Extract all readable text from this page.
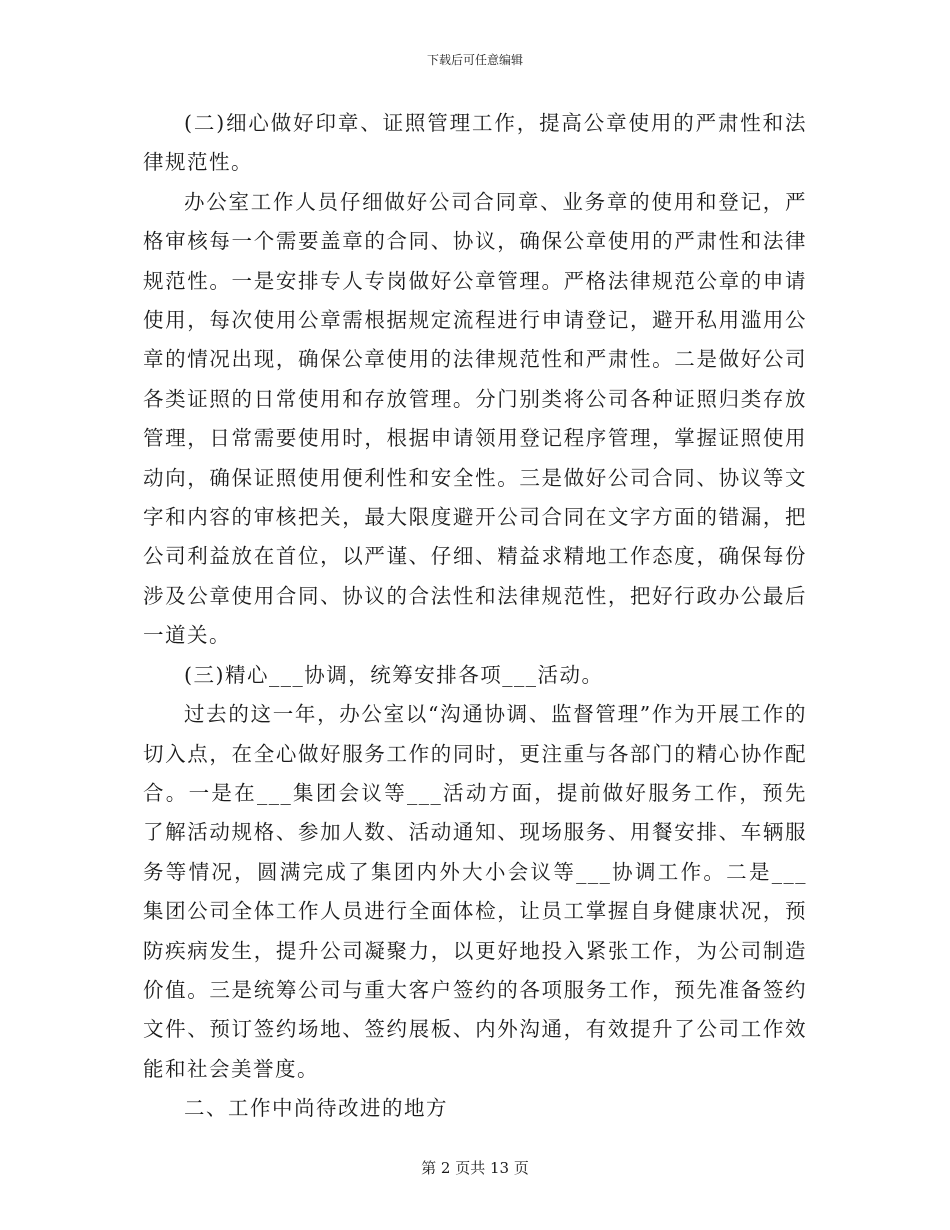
下载后可任意编辑

(二)细心做好印章、证照管理工作，提高公章使用的严肃性和法律规范性。

办公室工作人员仔细做好公司合同章、业务章的使用和登记，严格审核每一个需要盖章的合同、协议，确保公章使用的严肃性和法律规范性。一是安排专人专岗做好公章管理。严格法律规范公章的申请使用，每次使用公章需根据规定流程进行申请登记，避开私用滥用公章的情况出现，确保公章使用的法律规范性和严肃性。二是做好公司各类证照的日常使用和存放管理。分门别类将公司各种证照归类存放管理，日常需要使用时，根据申请领用登记程序管理，掌握证照使用动向，确保证照使用便利性和安全性。三是做好公司合同、协议等文字和内容的审核把关，最大限度避开公司合同在文字方面的错漏，把公司利益放在首位，以严谨、仔细、精益求精地工作态度，确保每份涉及公章使用合同、协议的合法性和法律规范性，把好行政办公最后一道关。

(三)精心___协调，统筹安排各项___活动。

过去的这一年，办公室以“沟通协调、监督管理”作为开展工作的切入点，在全心做好服务工作的同时，更注重与各部门的精心协作配合。一是在___集团会议等___活动方面，提前做好服务工作，预先了解活动规格、参加人数、活动通知、现场服务、用餐安排、车辆服务等情况，圆满完成了集团内外大小会议等___协调工作。二是___集团公司全体工作人员进行全面体检，让员工掌握自身健康状况，预防疾病发生，提升公司凝聚力，以更好地投入紧张工作，为公司制造价值。三是统筹公司与重大客户签约的各项服务工作，预先准备签约文件、预订签约场地、签约展板、内外沟通，有效提升了公司工作效能和社会美誉度。

二、工作中尚待改进的地方

第 2 页共 13 页
